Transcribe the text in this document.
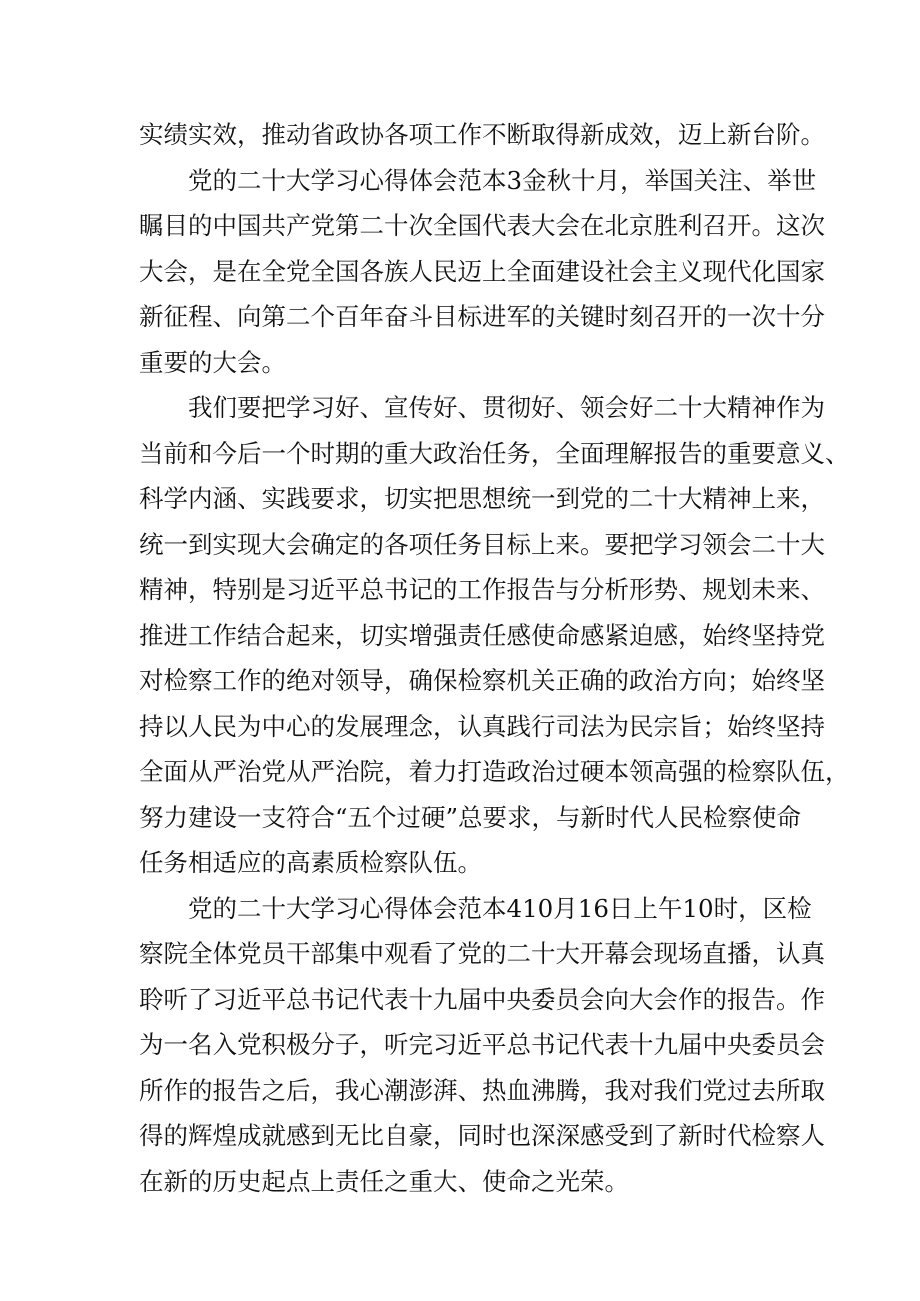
实绩实效，推动省政协各项工作不断取得新成效，迈上新台阶。
党的二十大学习心得体会范本3金秋十月，举国关注、举世
瞩目的中国共产党第二十次全国代表大会在北京胜利召开。这次
大会，是在全党全国各族人民迈上全面建设社会主义现代化国家
新征程、向第二个百年奋斗目标进军的关键时刻召开的一次十分
重要的大会。
我们要把学习好、宣传好、贯彻好、领会好二十大精神作为
当前和今后一个时期的重大政治任务，全面理解报告的重要意义、
科学内涵、实践要求，切实把思想统一到党的二十大精神上来，
统一到实现大会确定的各项任务目标上来。要把学习领会二十大
精神，特别是习近平总书记的工作报告与分析形势、规划未来、
推进工作结合起来，切实增强责任感使命感紧迫感，始终坚持党
对检察工作的绝对领导，确保检察机关正确的政治方向；始终坚
持以人民为中心的发展理念，认真践行司法为民宗旨；始终坚持
全面从严治党从严治院，着力打造政治过硬本领高强的检察队伍，
努力建设一支符合“五个过硬”总要求，与新时代人民检察使命
任务相适应的高素质检察队伍。
党的二十大学习心得体会范本410月16日上午10时，区检
察院全体党员干部集中观看了党的二十大开幕会现场直播，认真
聆听了习近平总书记代表十九届中央委员会向大会作的报告。作
为一名入党积极分子，听完习近平总书记代表十九届中央委员会
所作的报告之后，我心潮澎湃、热血沸腾，我对我们党过去所取
得的辉煌成就感到无比自豪，同时也深深感受到了新时代检察人
在新的历史起点上责任之重大、使命之光荣。
